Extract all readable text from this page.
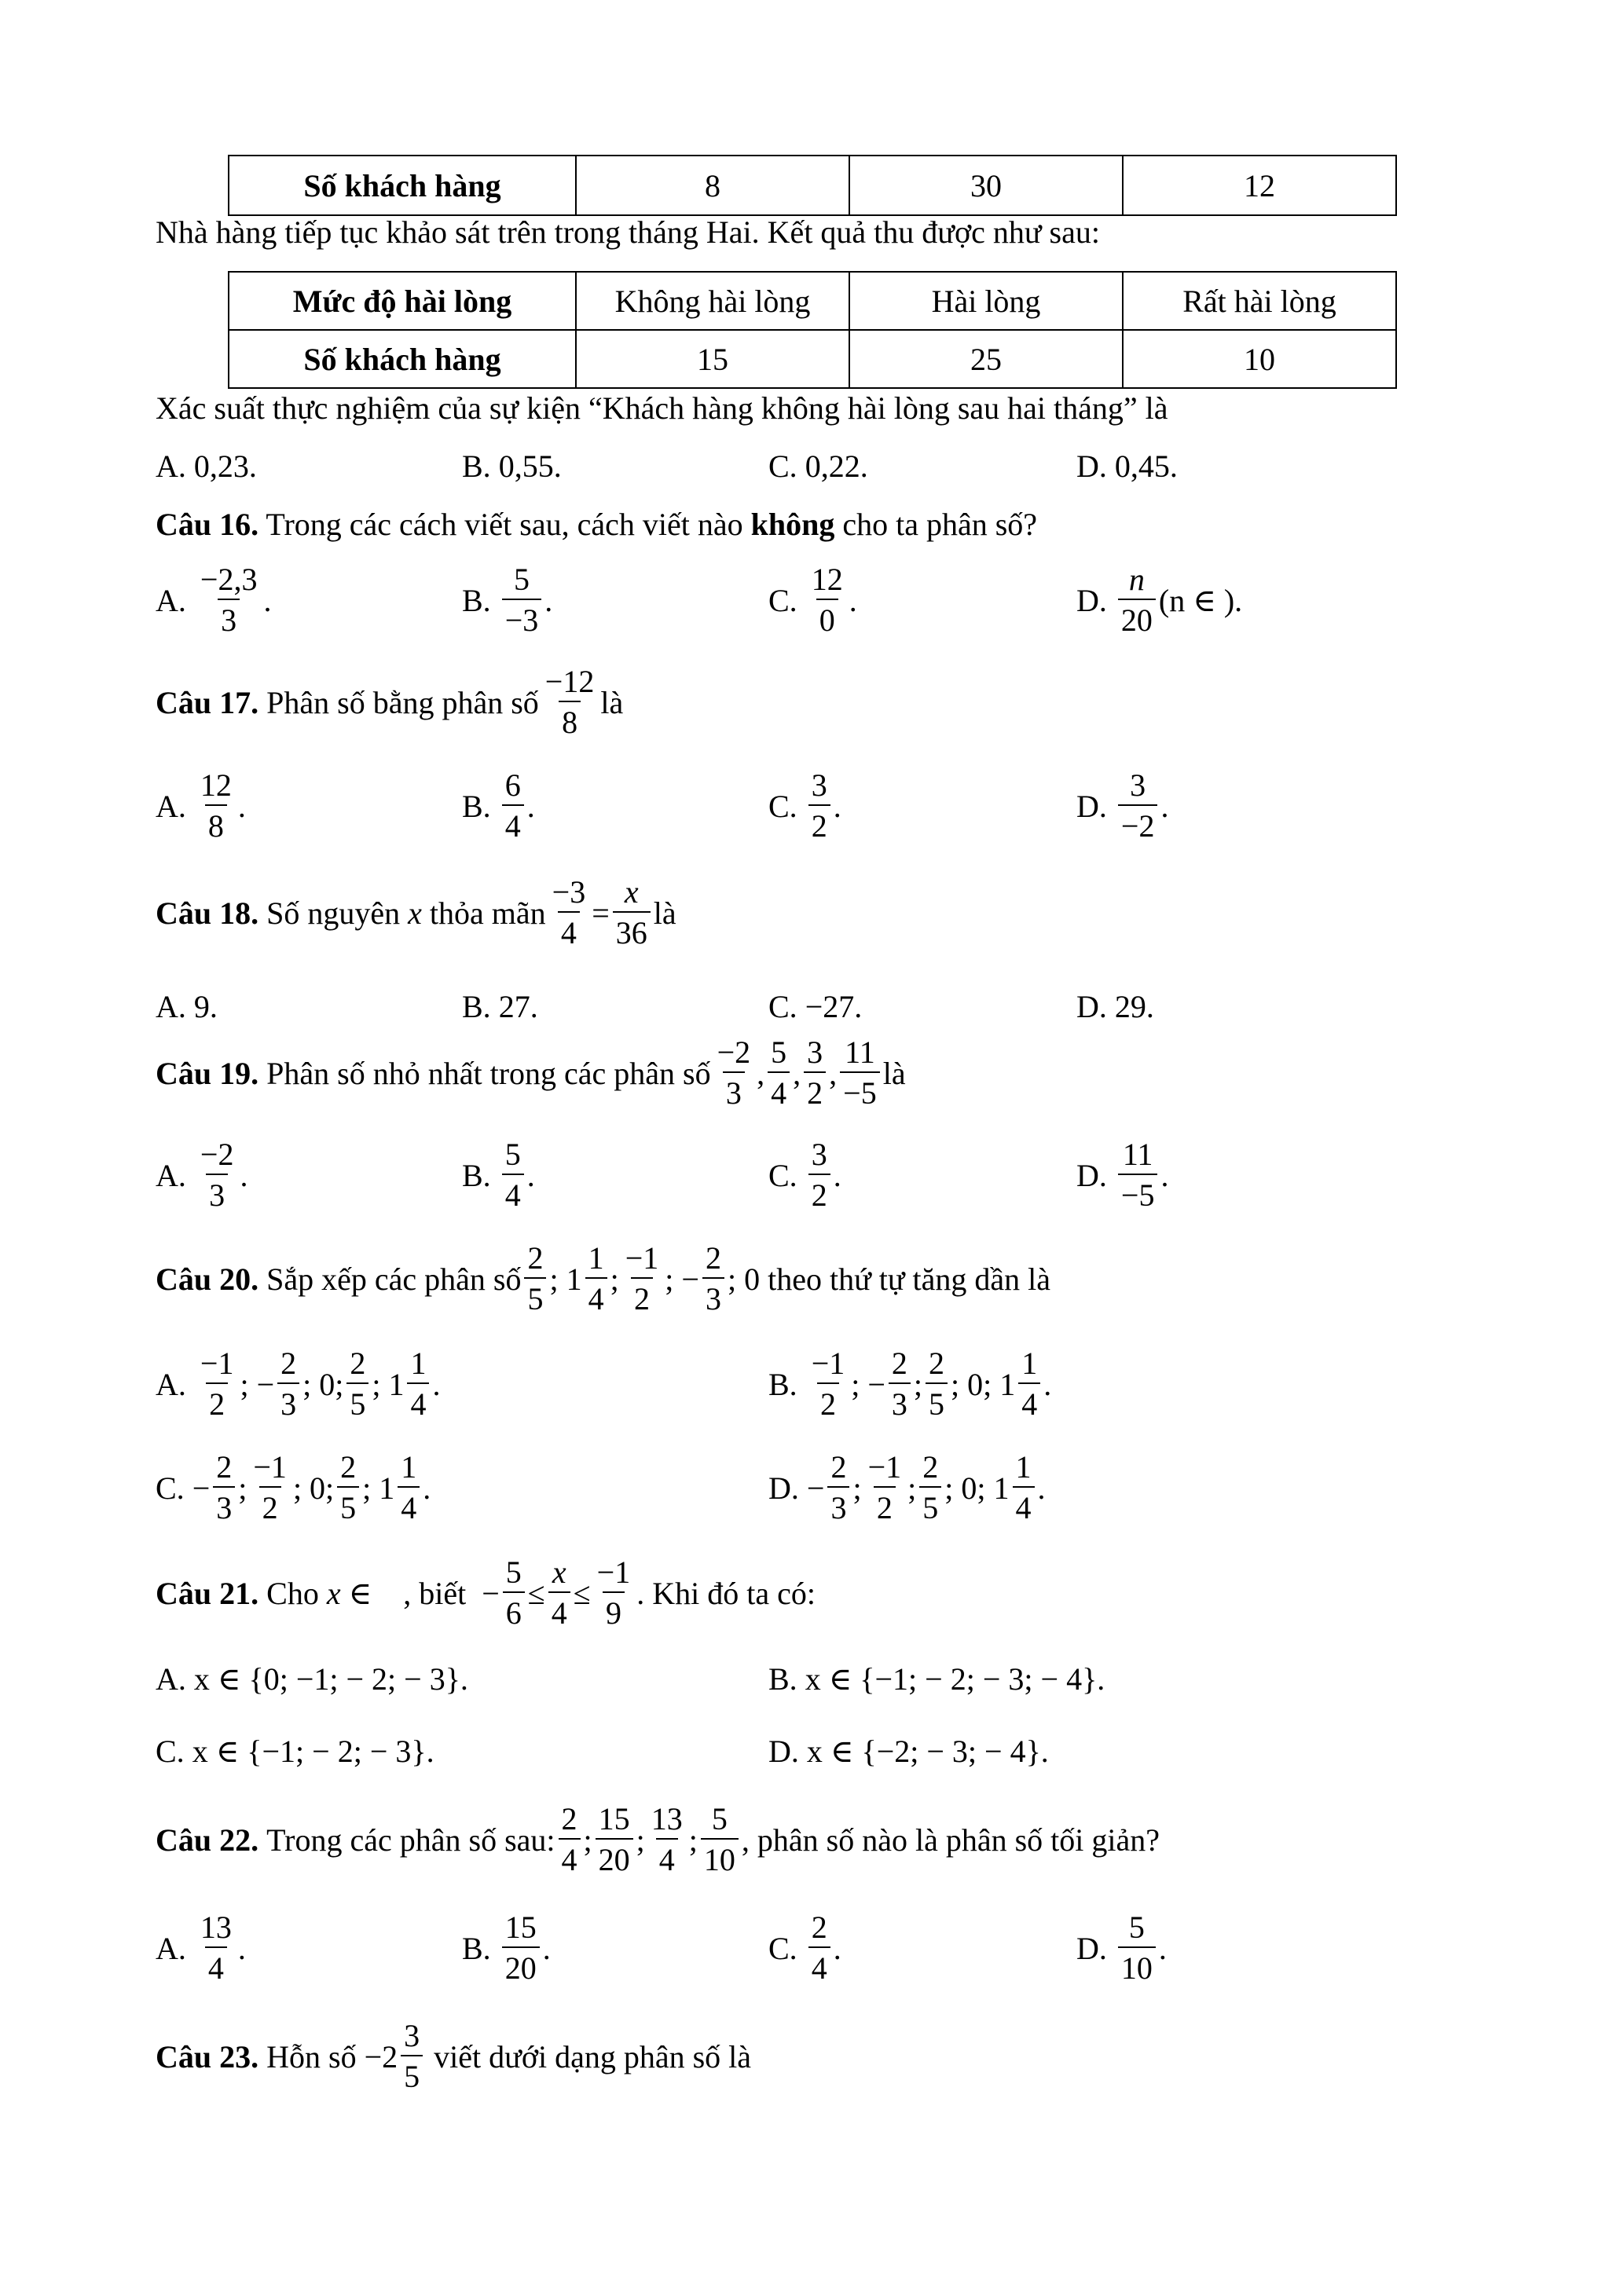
Số khách hàng	8	30	12
Nhà hàng tiếp tục khảo sát trên trong tháng Hai. Kết quả thu được như sau:
Mức độ hài lòng	Không hài lòng	Hài lòng	Rất hài lòng
Số khách hàng	15	25	10
Xác suất thực nghiệm của sự kiện “Khách hàng không hài lòng sau hai tháng” là
A. 0,23.	B. 0,55.	C. 0,22.	D. 0,45.
Câu 16. Trong các cách viết sau, cách viết nào không cho ta phân số?
A. $\frac{-2,3}{3}$ .	B. $\frac{5}{-3}$ .	C. $\frac{12}{0}$ .	D. $\frac{n}{20} (n$ ∈ ).
Câu 17.
Phân số bằng phân số $\frac{-12}{8}$ là
A. $\frac{12}{8}$ .	B. $\frac{6}{4}$ .	C. $\frac{3}{2}$ .	D. $\frac{3}{-2}$ .
Câu 18.
Số nguyên
x
thỏa mãn $\frac{-3}{4} = \frac{x}{36}$ là
A. 9.	B. 27.	C. −27.	D. 29.
Câu 19.
Phân số nhỏ nhất trong các phân số $\frac{-2}{3}$ , $\frac{5}{4}$ , $\frac{3}{2}$ , $\frac{11}{-5}$ là
A. $\frac{-2}{3}$ .	B. $\frac{5}{4}$ .	C. $\frac{3}{2}$ .	D. $\frac{11}{-5}$ .
Câu 20.
Sắp xếp các phân số $\frac{2}{5}$ ; $1 \frac{1}{4}$ ; $\frac{-1}{2}$ ; − $\frac{2}{3}$ ; 0 theo thứ tự tăng dần là
A. $\frac{-1}{2}$ ; − $\frac{2}{3}$ ; 0; $\frac{2}{5}$ ; $1 \frac{1}{4}$ .	B. $\frac{-1}{2}$ ; − $\frac{2}{3}$ ; $\frac{2}{5}$ ; 0; $1 \frac{1}{4}$ .
C. − $\frac{2}{3}$ ; $\frac{-1}{2}$ ; 0; $\frac{2}{5}$ ; $1 \frac{1}{4}$ .	D. − $\frac{2}{3}$ ; $\frac{-1}{2}$ ; $\frac{2}{5}$ ; 0; $1 \frac{1}{4}$ .
Câu 21.
Cho
x ∈
, biết − $\frac{5}{6} \le \frac{x}{4} \le \frac{-1}{9}$ . Khi đó ta có:
A. x ∈ {0; −1; − 2; − 3}.	B. x ∈ {−1; − 2; − 3; − 4}.
C. x ∈ {−1; − 2; − 3}.	D. x ∈ {−2; − 3; − 4}.
Câu 22.
Trong các phân số sau: $\frac{2}{4}$ ; $\frac{15}{20}$ ; $\frac{13}{4}$ ; $\frac{5}{10}$ , phân số nào là phân số tối giản?
A. $\frac{13}{4}$ .	B. $\frac{15}{20}$ .	C. $\frac{2}{4}$ .	D. $\frac{5}{10}$ .
Câu 23.
Hỗn số
$-2 \frac{3}{5}$
viết dưới dạng phân số là
